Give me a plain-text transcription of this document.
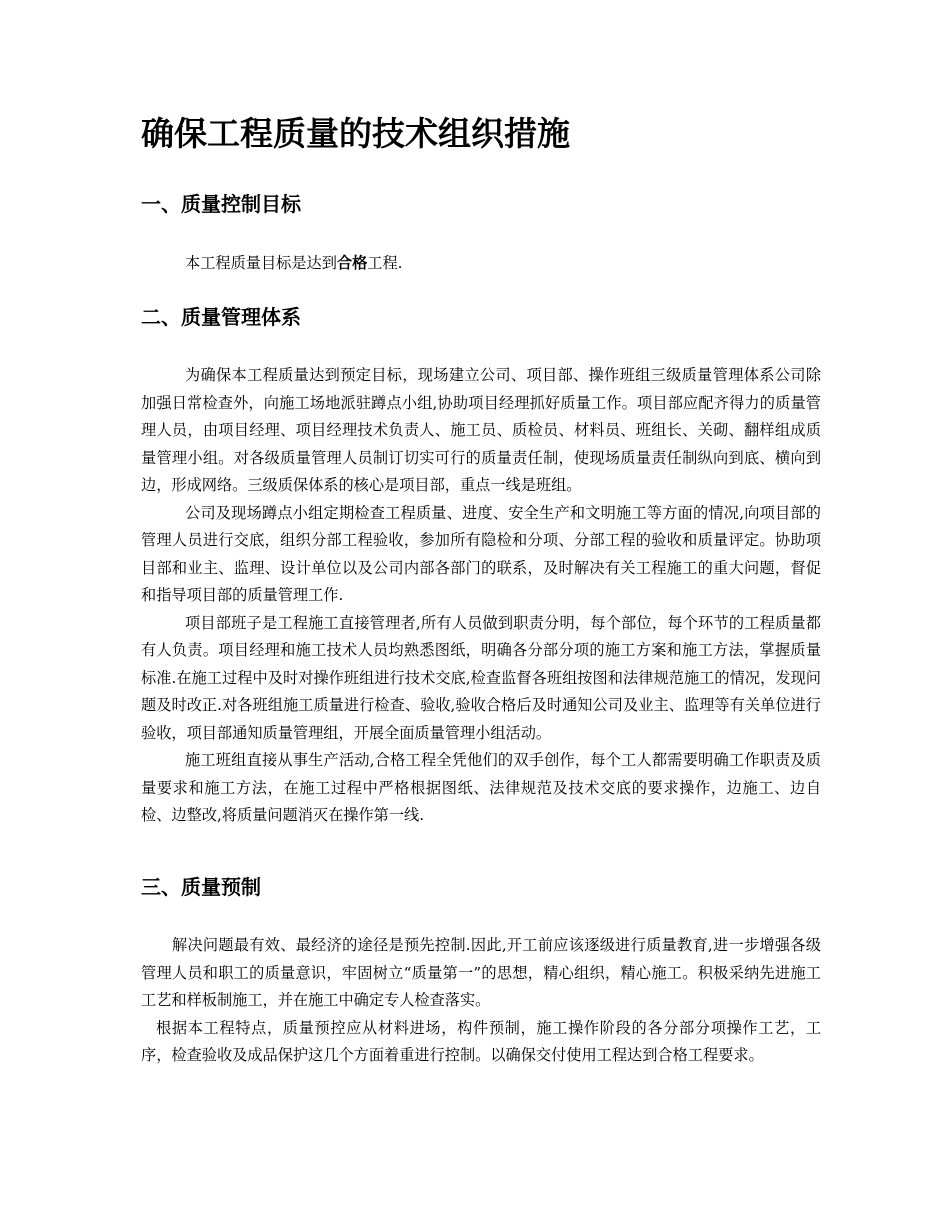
确保工程质量的技术组织措施
一、质量控制目标

本工程质量目标是达到合格工程.

二、质量管理体系

为确保本工程质量达到预定目标，现场建立公司、项目部、操作班组三级质量管理体系公司除加强日常检查外，向施工场地派驻蹲点小组,协助项目经理抓好质量工作。项目部应配齐得力的质量管理人员，由项目经理、项目经理技术负责人、施工员、质检员、材料员、班组长、关砌、翻样组成质量管理小组。对各级质量管理人员制订切实可行的质量责任制，使现场质量责任制纵向到底、横向到边，形成网络。三级质保体系的核心是项目部，重点一线是班组。

公司及现场蹲点小组定期检查工程质量、进度、安全生产和文明施工等方面的情况,向项目部的管理人员进行交底，组织分部工程验收，参加所有隐检和分项、分部工程的验收和质量评定。协助项目部和业主、监理、设计单位以及公司内部各部门的联系，及时解决有关工程施工的重大问题，督促和指导项目部的质量管理工作.

项目部班子是工程施工直接管理者,所有人员做到职责分明，每个部位，每个环节的工程质量都有人负责。项目经理和施工技术人员均熟悉图纸，明确各分部分项的施工方案和施工方法，掌握质量标准.在施工过程中及时对操作班组进行技术交底,检查监督各班组按图和法律规范施工的情况，发现问题及时改正.对各班组施工质量进行检查、验收,验收合格后及时通知公司及业主、监理等有关单位进行验收，项目部通知质量管理组，开展全面质量管理小组活动。

施工班组直接从事生产活动,合格工程全凭他们的双手创作，每个工人都需要明确工作职责及质量要求和施工方法，在施工过程中严格根据图纸、法律规范及技术交底的要求操作，边施工、边自检、边整改,将质量问题消灭在操作第一线.

三、质量预制

解决问题最有效、最经济的途径是预先控制.因此,开工前应该逐级进行质量教育,进一步增强各级管理人员和职工的质量意识，牢固树立“质量第一”的思想，精心组织，精心施工。积极采纳先进施工工艺和样板制施工，并在施工中确定专人检查落实。

根据本工程特点，质量预控应从材料进场，构件预制，施工操作阶段的各分部分项操作工艺，工序，检查验收及成品保护这几个方面着重进行控制。以确保交付使用工程达到合格工程要求。
